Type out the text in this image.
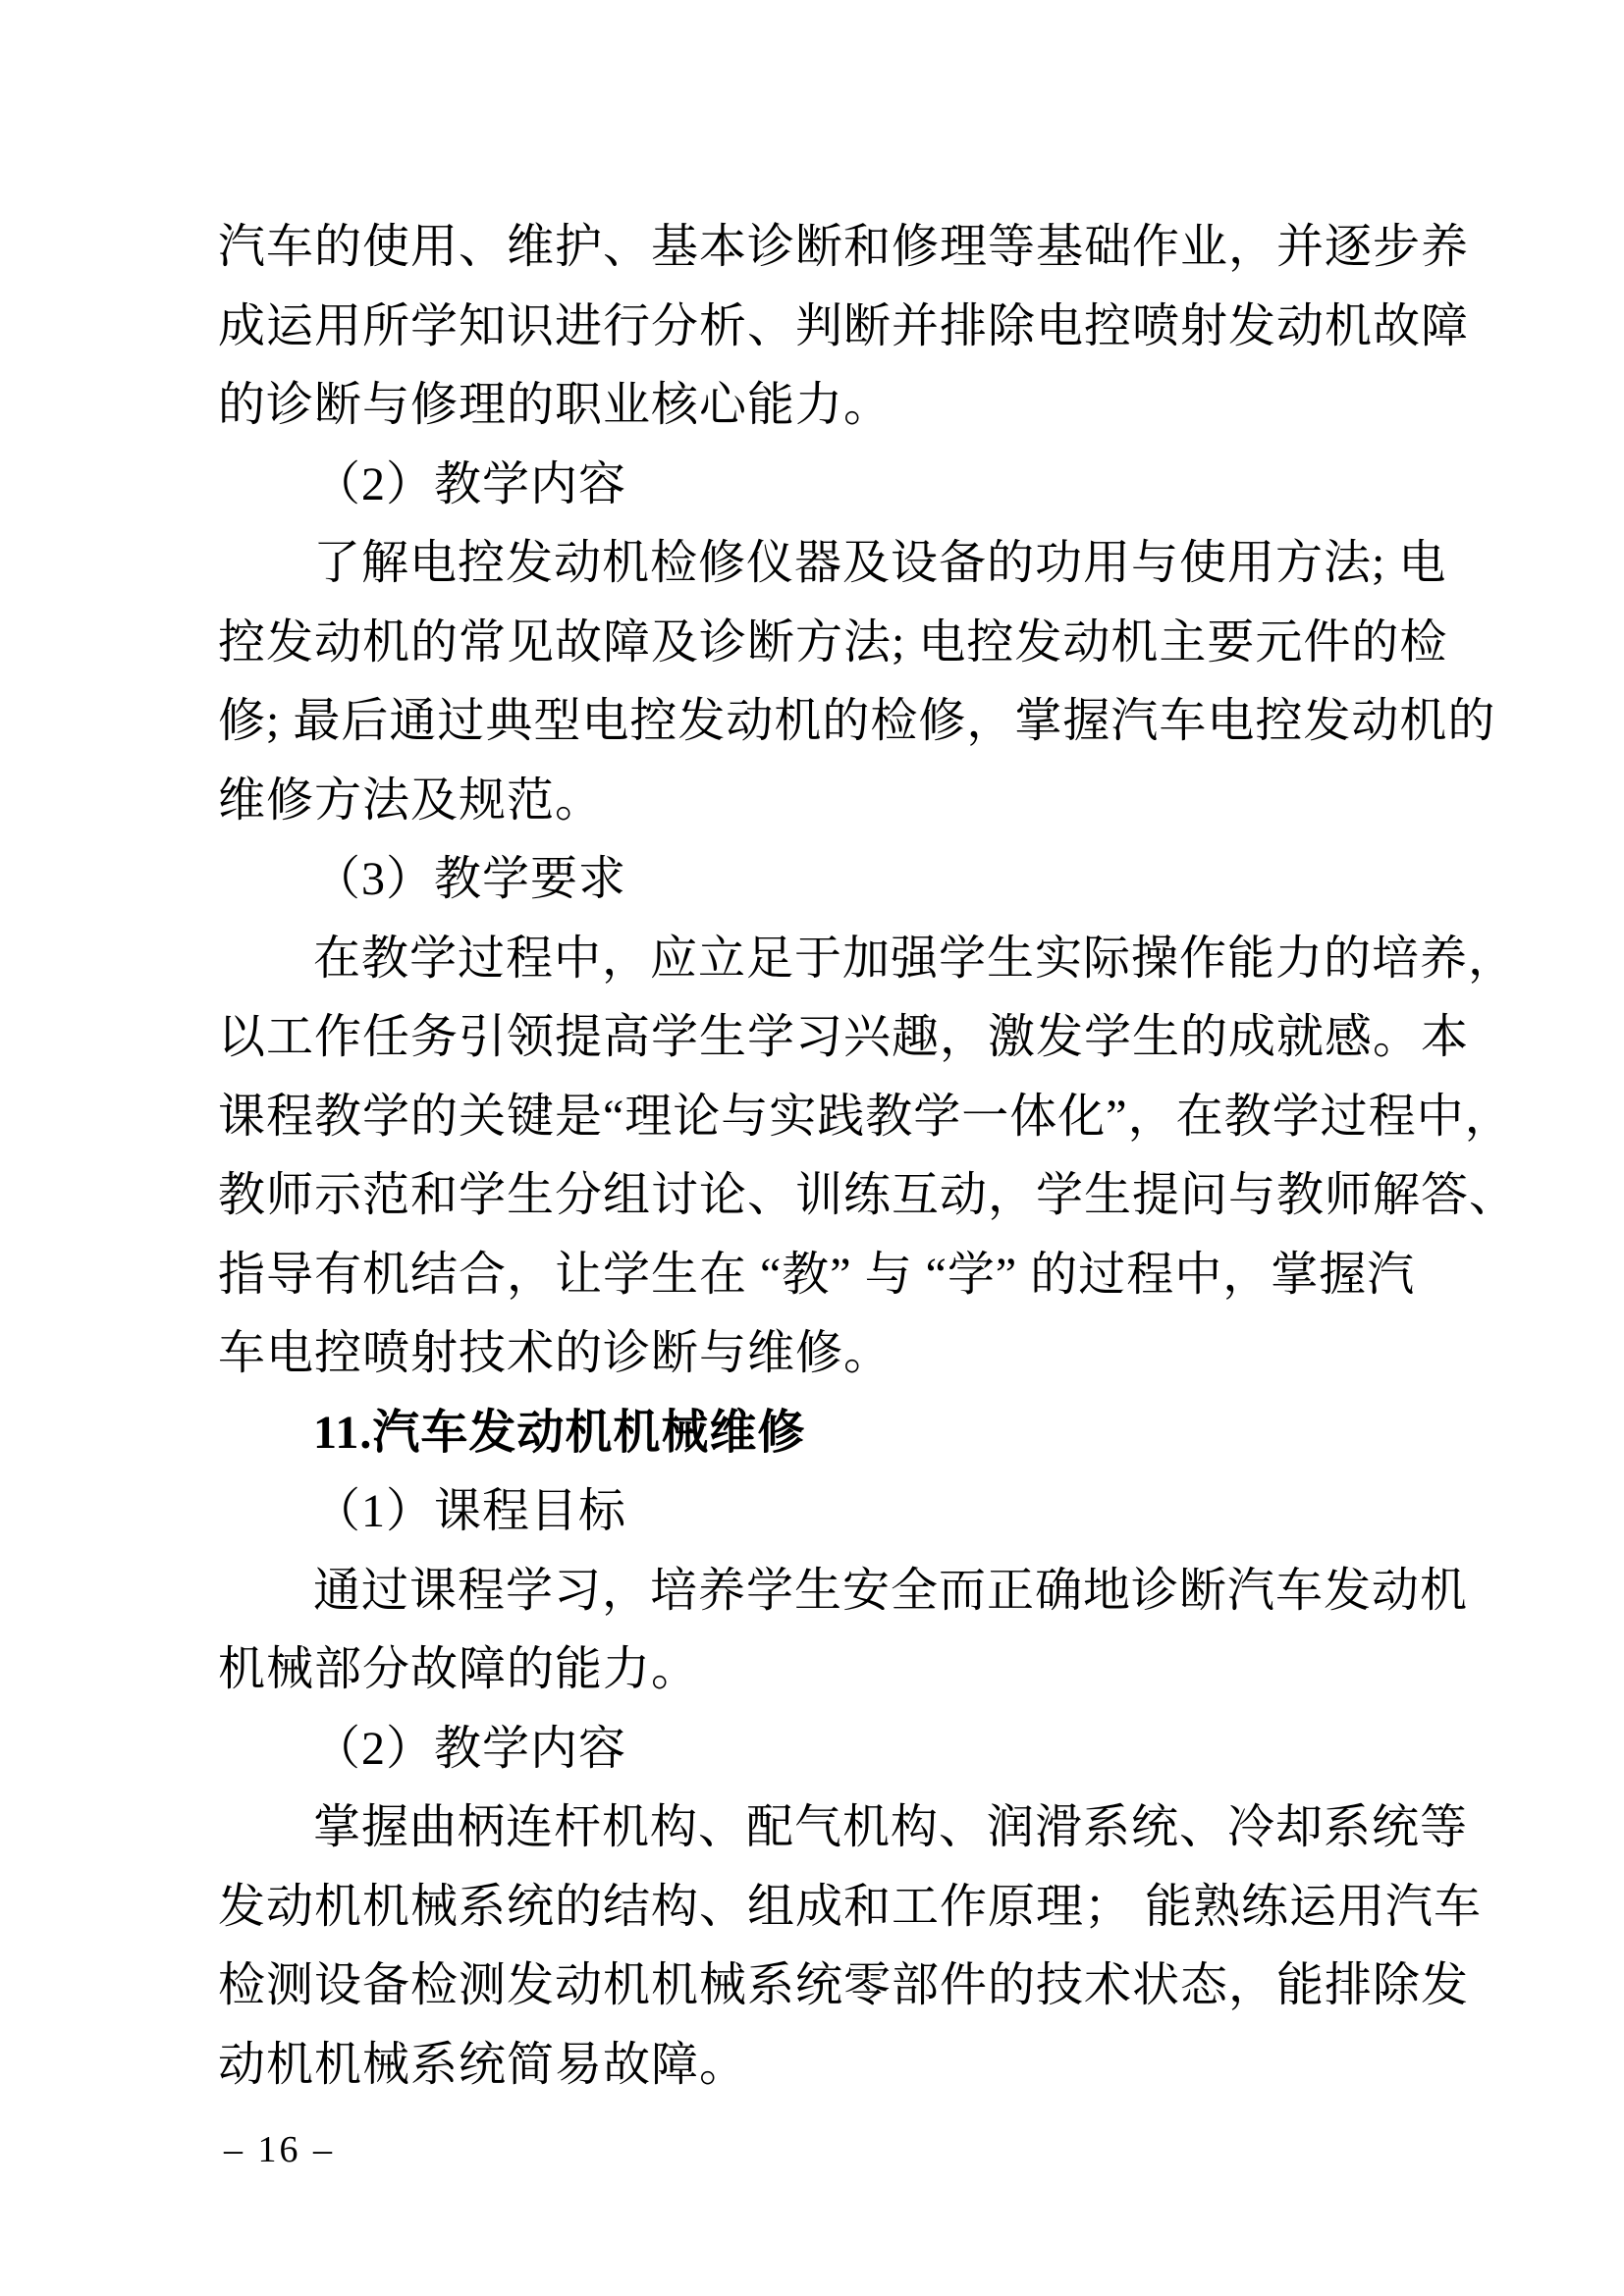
汽车的使用、维护、基本诊断和修理等基础作业，并逐步养
成运用所学知识进行分析、判断并排除电控喷射发动机故障
的诊断与修理的职业核心能力。
（2）教学内容
了解电控发动机检修仪器及设备的功用与使用方法; 电
控发动机的常见故障及诊断方法; 电控发动机主要元件的检
修; 最后通过典型电控发动机的检修，掌握汽车电控发动机的
维修方法及规范。
（3）教学要求
在教学过程中，应立足于加强学生实际操作能力的培养，
以工作任务引领提高学生学习兴趣，激发学生的成就感。本
课程教学的关键是“理论与实践教学一体化”，在教学过程中，
教师示范和学生分组讨论、训练互动，学生提问与教师解答、
指导有机结合，让学生在 “教” 与 “学” 的过程中，掌握汽
车电控喷射技术的诊断与维修。
11.汽车发动机机械维修
（1）课程目标
通过课程学习，培养学生安全而正确地诊断汽车发动机
机械部分故障的能力。
（2）教学内容
掌握曲柄连杆机构、配气机构、润滑系统、冷却系统等
发动机机械系统的结构、组成和工作原理； 能熟练运用汽车
检测设备检测发动机机械系统零部件的技术状态，能排除发
动机机械系统简易故障。
– 16 –
